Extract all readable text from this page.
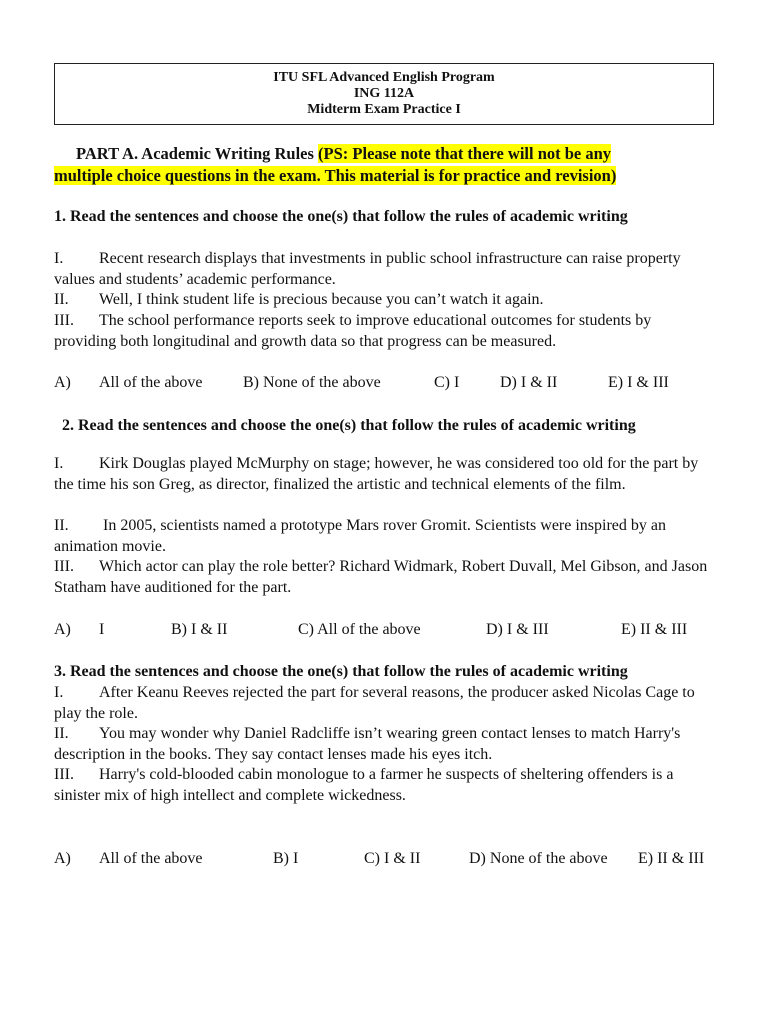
ITU SFL Advanced English Program
ING 112A
Midterm Exam Practice I
PART A. Academic Writing Rules (PS: Please note that there will not be any
multiple choice questions in the exam. This material is for practice and revision)
1. Read the sentences and choose the one(s) that follow the rules of academic writing
I. Recent research displays that investments in public school infrastructure can raise property values and students’ academic performance.
II. Well, I think student life is precious because you can’t watch it again.
III. The school performance reports seek to improve educational outcomes for students by providing both longitudinal and growth data so that progress can be measured.
A) All of the above	B) None of the above	C) I	D) I & II	E) I & III
2. Read the sentences and choose the one(s) that follow the rules of academic writing
I. Kirk Douglas played McMurphy on stage; however, he was considered too old for the part by the time his son Greg, as director, finalized the artistic and technical elements of the film.
II. In 2005, scientists named a prototype Mars rover Gromit. Scientists were inspired by an animation movie.
III. Which actor can play the role better? Richard Widmark, Robert Duvall, Mel Gibson, and Jason Statham have auditioned for the part.
A) I	B) I & II	C) All of the above	D) I & III	E) II & III
3. Read the sentences and choose the one(s) that follow the rules of academic writing
I. After Keanu Reeves rejected the part for several reasons, the producer asked Nicolas Cage to play the role.
II. You may wonder why Daniel Radcliffe isn’t wearing green contact lenses to match Harry's description in the books. They say contact lenses made his eyes itch.
III. Harry's cold-blooded cabin monologue to a farmer he suspects of sheltering offenders is a sinister mix of high intellect and complete wickedness.
A) All of the above	B) I	C) I & II	D) None of the above E) II & III
